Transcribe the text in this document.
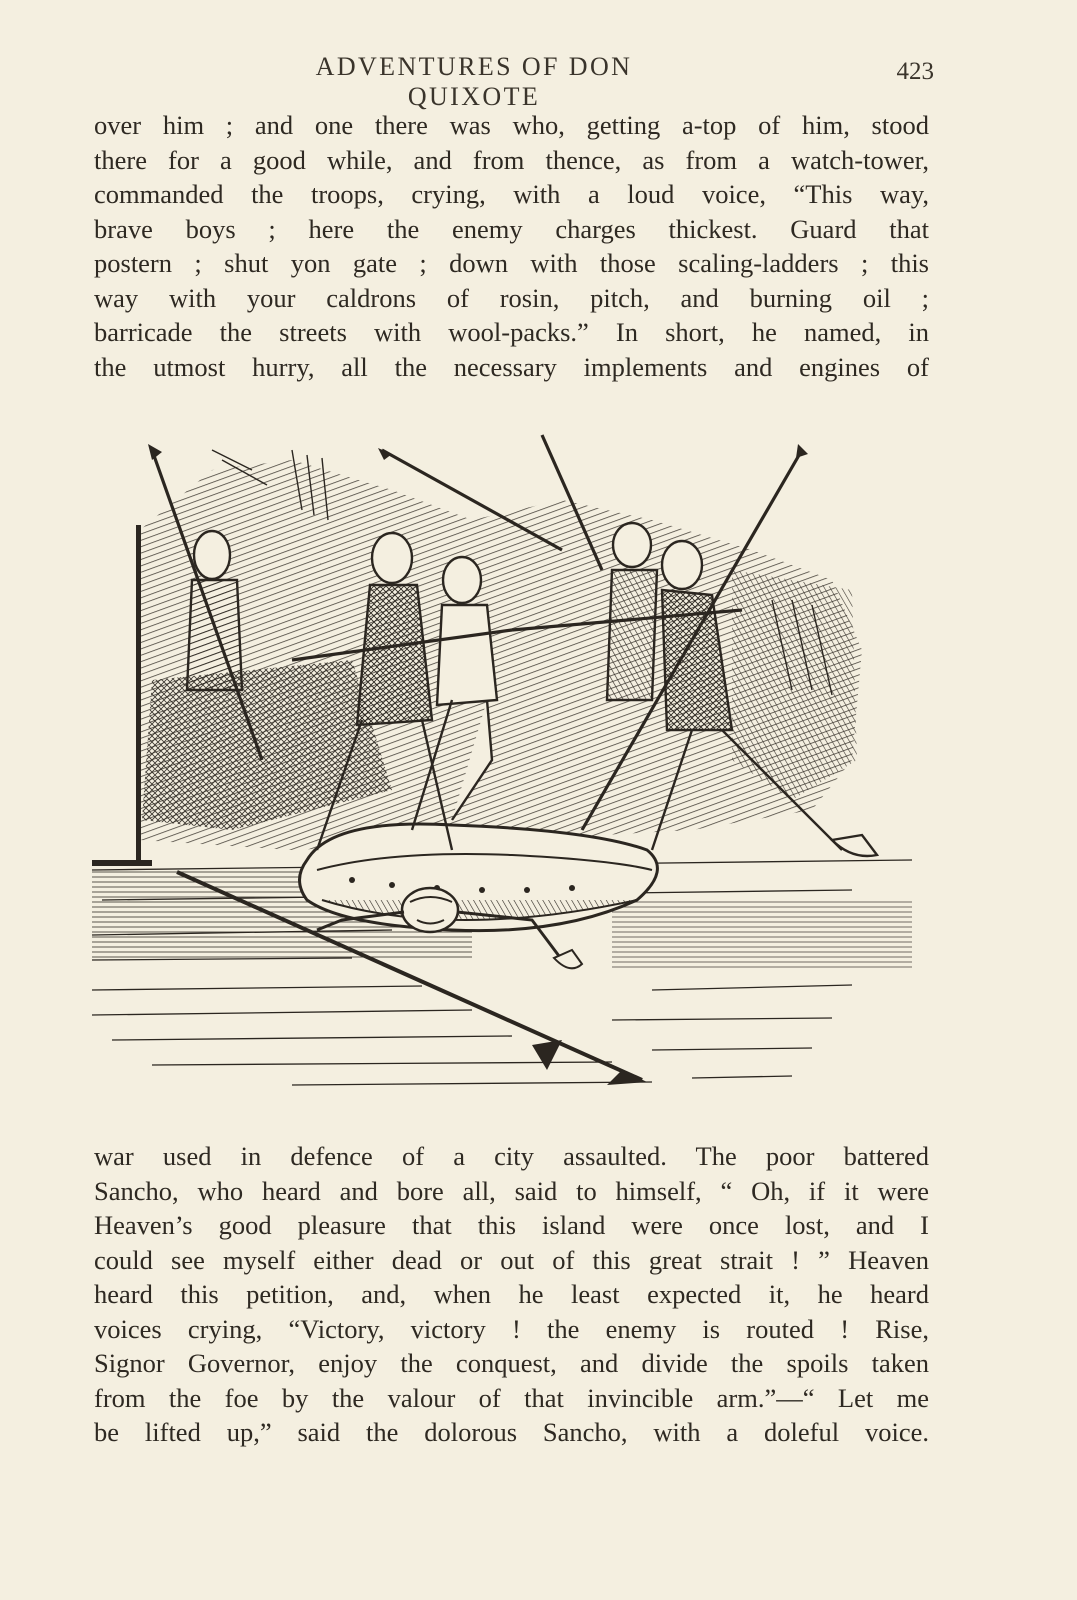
ADVENTURES OF DON QUIXOTE
423
over him ; and one there was who, getting a-top of him, stood
there for a good while, and from thence, as from a watch-tower,
commanded the troops, crying, with a loud voice, “This way,
brave boys ; here the enemy charges thickest. Guard that
postern ; shut yon gate ; down with those scaling-ladders ; this
way with your caldrons of rosin, pitch, and burning oil ;
barricade the streets with wool-packs.” In short, he named, in
the utmost hurry, all the necessary implements and engines of
war used in defence of a city assaulted. The poor battered
Sancho, who heard and bore all, said to himself, “ Oh, if it were
Heaven’s good pleasure that this island were once lost, and I
could see myself either dead or out of this great strait ! ” Heaven
heard this petition, and, when he least expected it, he heard
voices crying, “Victory, victory ! the enemy is routed ! Rise,
Signor Governor, enjoy the conquest, and divide the spoils taken
from the foe by the valour of that invincible arm.”—“ Let me
be lifted up,” said the dolorous Sancho, with a doleful voice.
